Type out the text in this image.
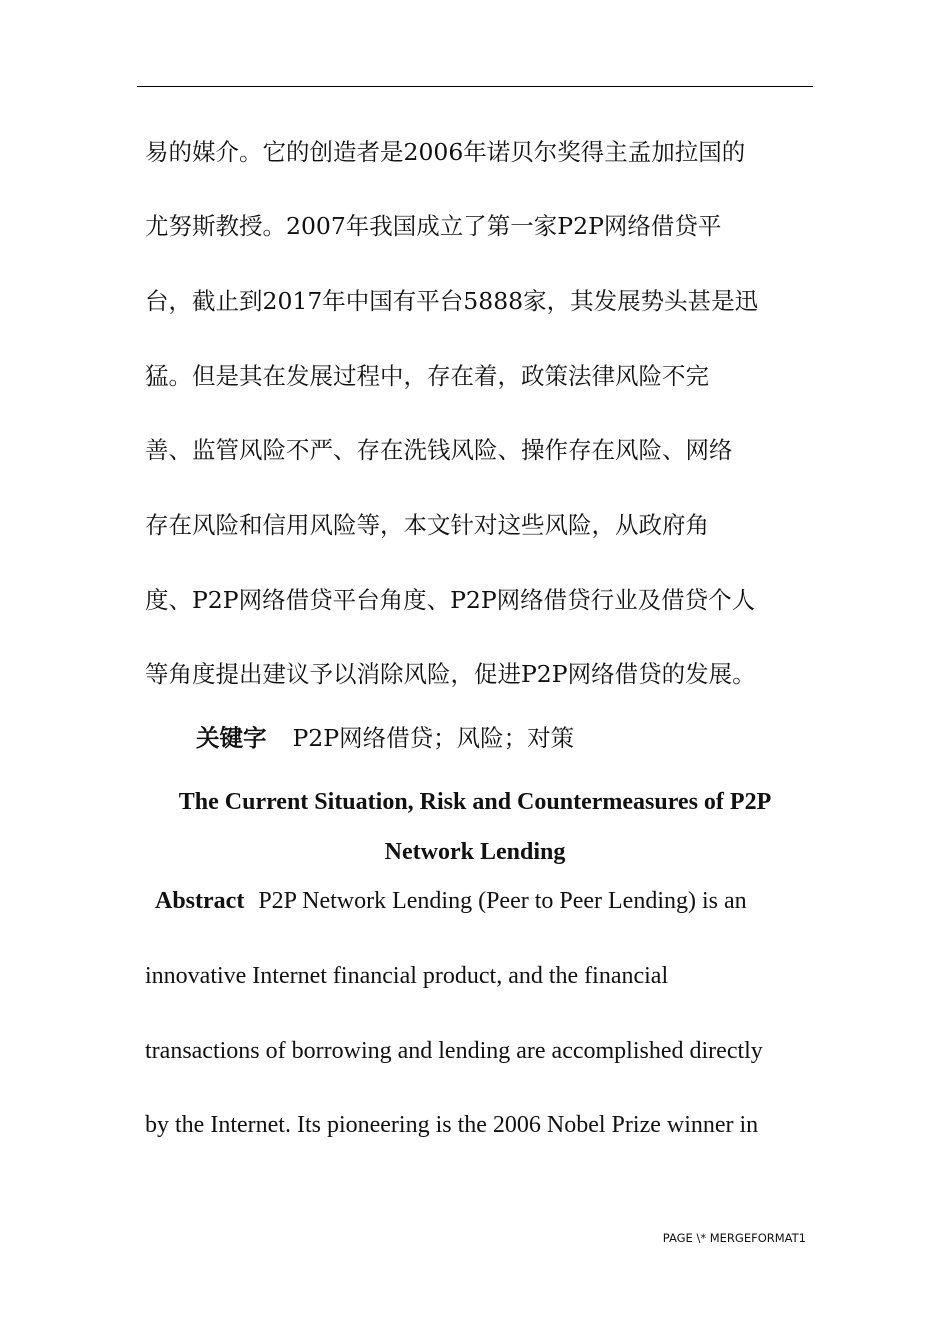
易的媒介。它的创造者是2006年诺贝尔奖得主孟加拉国的
尤努斯教授。2007年我国成立了第一家P2P网络借贷平
台，截止到2017年中国有平台5888家，其发展势头甚是迅
猛。但是其在发展过程中，存在着，政策法律风险不完
善、监管风险不严、存在洗钱风险、操作存在风险、网络
存在风险和信用风险等，本文针对这些风险，从政府角
度、P2P网络借贷平台角度、P2P网络借贷行业及借贷个人
等角度提出建议予以消除风险，促进P2P网络借贷的发展。
关键字 P2P网络借贷；风险；对策
The Current Situation, Risk and Countermeasures of P2P
Network Lending
Abstract P2P Network Lending (Peer to Peer Lending) is an
innovative Internet financial product, and the financial
transactions of borrowing and lending are accomplished directly
by the Internet. Its pioneering is the 2006 Nobel Prize winner in
PAGE \* MERGEFORMAT1
